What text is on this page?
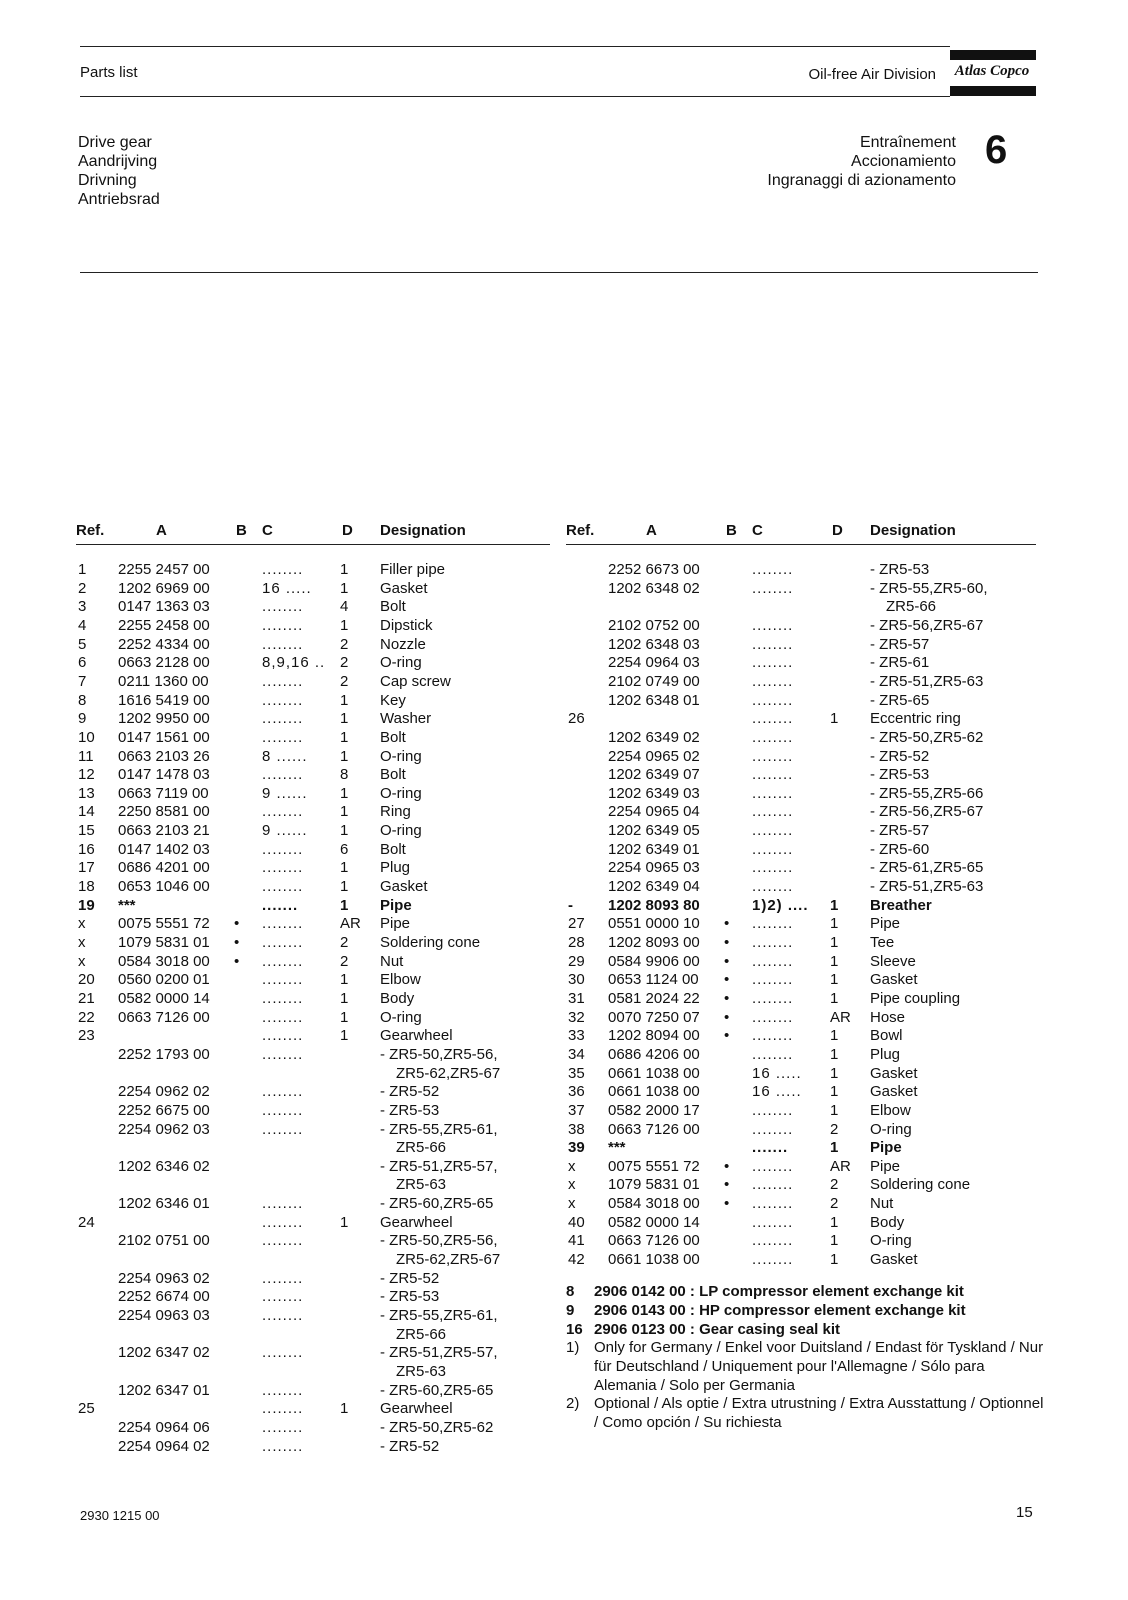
Parts list	Oil-free Air Division	Atlas Copco
Drive gear
Aandrijving
Drivning
Antriebsrad
Entraînement
Accionamiento
Ingranaggi di azionamento
6
Ref.	A	B C	D Designation	Ref.	A	B C	D Designation
1 2255 2457 00	........ 1 Filler pipe
2 1202 6969 00	16 ..... 1 Gasket
3 0147 1363 03	........ 4 Bolt
4 2255 2458 00	........ 1 Dipstick
5 2252 4334 00	........ 2 Nozzle
6 0663 2128 00	8,9,16 .. 2 O-ring
7 0211 1360 00	........ 2 Cap screw
8 1616 5419 00	........ 1 Key
9 1202 9950 00	........ 1 Washer
10 0147 1561 00	........ 1 Bolt
11 0663 2103 26	8 ...... 1 O-ring
12 0147 1478 03	........ 8 Bolt
13 0663 7119 00	9 ...... 1 O-ring
14 2250 8581 00	........ 1 Ring
15 0663 2103 21	9 ...... 1 O-ring
16 0147 1402 03	........ 6 Bolt
17 0686 4201 00	........ 1 Plug
18 0653 1046 00	........ 1 Gasket
19 ***	.......	1 Pipe
x 0075 5551 72 • ........ AR Pipe
x 1079 5831 01 • ........ 2 Soldering cone
x 0584 3018 00 • ........ 2 Nut
20 0560 0200 01	........ 1 Elbow
21 0582 0000 14	........ 1 Body
22 0663 7126 00	........ 1 O-ring
23	........ 1 Gearwheel
2252 1793 00	........	- ZR5-50,ZR5-56,
ZR5-62,ZR5-67
2254 0962 02	........	- ZR5-52
2252 6675 00	........	- ZR5-53
2254 0962 03	........	- ZR5-55,ZR5-61,
ZR5-66
1202 6346 02	- ZR5-51,ZR5-57,
ZR5-63
1202 6346 01	........	- ZR5-60,ZR5-65
24	........ 1 Gearwheel
2102 0751 00	........	- ZR5-50,ZR5-56,
ZR5-62,ZR5-67
2254 0963 02	........	- ZR5-52
2252 6674 00	........	- ZR5-53
2254 0963 03	........	- ZR5-55,ZR5-61,
ZR5-66
1202 6347 02	........	- ZR5-51,ZR5-57,
ZR5-63
1202 6347 01	........	- ZR5-60,ZR5-65
25	........ 1 Gearwheel
2254 0964 06	........	- ZR5-50,ZR5-62
2254 0964 02	........	- ZR5-52
2252 6673 00	........	- ZR5-53
1202 6348 02	........	- ZR5-55,ZR5-60,
ZR5-66
2102 0752 00	........	- ZR5-56,ZR5-67
1202 6348 03	........	- ZR5-57
2254 0964 03	........	- ZR5-61
2102 0749 00	........	- ZR5-51,ZR5-63
1202 6348 01	........	- ZR5-65
26	........ 1 Eccentric ring
1202 6349 02	........	- ZR5-50,ZR5-62
2254 0965 02	........	- ZR5-52
1202 6349 07	........	- ZR5-53
1202 6349 03	........	- ZR5-55,ZR5-66
2254 0965 04	........	- ZR5-56,ZR5-67
1202 6349 05	........	- ZR5-57
1202 6349 01	........	- ZR5-60
2254 0965 03	........	- ZR5-61,ZR5-65
1202 6349 04	........	- ZR5-51,ZR5-63
- 1202 8093 80	1)2) .... 1 Breather
27 0551 0000 10 • ........ 1 Pipe
28 1202 8093 00 • ........ 1 Tee
29 0584 9906 00 • ........ 1 Sleeve
30 0653 1124 00 • ........ 1 Gasket
31 0581 2024 22 • ........ 1 Pipe coupling
32 0070 7250 07 • ........ AR Hose
33 1202 8094 00 • ........ 1 Bowl
34 0686 4206 00	........ 1 Plug
35 0661 1038 00	16 ..... 1 Gasket
36 0661 1038 00	16 ..... 1 Gasket
37 0582 2000 17	........ 1 Elbow
38 0663 7126 00	........ 2 O-ring
39 ***	.......	1 Pipe
x 0075 5551 72 • ........ AR Pipe
x 1079 5831 01 • ........ 2 Soldering cone
x 0584 3018 00 • ........ 2 Nut
40 0582 0000 14	........ 1 Body
41 0663 7126 00	........ 1 O-ring
42 0661 1038 00	........ 1 Gasket
8 2906 0142 00 : LP compressor element exchange kit
9 2906 0143 00 : HP compressor element exchange kit
16 2906 0123 00 : Gear casing seal kit
1) Only for Germany / Enkel voor Duitsland / Endast för Tyskland / Nur für Deutschland / Uniquement pour l'Allemagne / Sólo para Alemania / Solo per Germania
2) Optional / Als optie / Extra utrustning / Extra Ausstattung / Optionnel / Como opción / Su richiesta
2930 1215 00	15
